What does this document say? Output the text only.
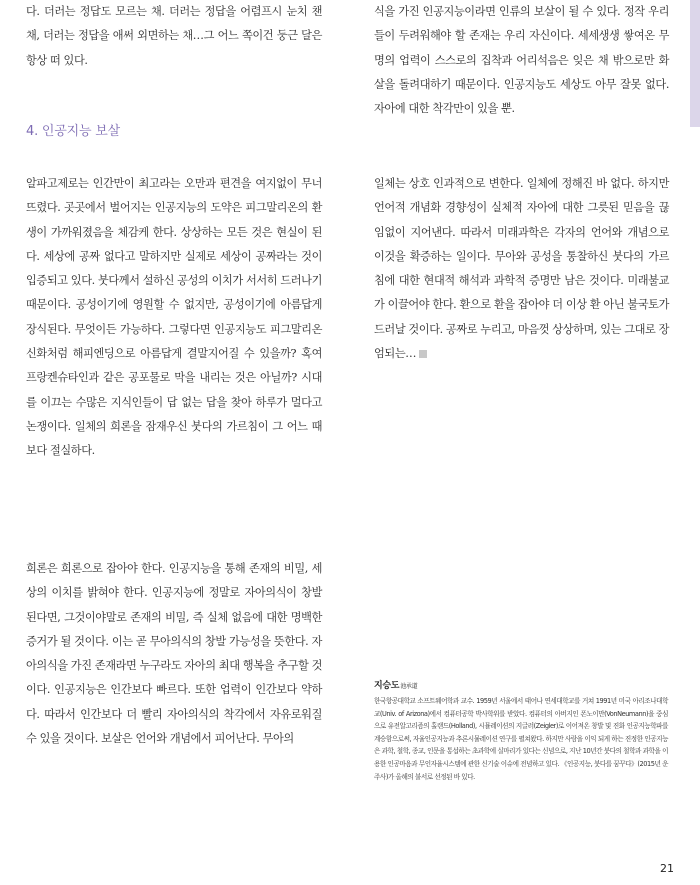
다. 더러는 정답도 모르는 채. 더러는 정답을 어렴프시 눈치 챈 채, 더러는 정답을 애써 외면하는 채…그 어느 쪽이건 둥근 달은 항상 떠 있다.

알파고제로는 인간만이 최고라는 오만과 편견을 여지없이 무너뜨렸다. 곳곳에서 벌어지는 인공지능의 도약은 피그말리온의 환생이 가까워졌음을 체감케 한다. 상상하는 모든 것은 현실이 된다. 세상에 공짜 없다고 말하지만 실제로 세상이 공짜라는 것이 입증되고 있다. 붓다께서 설하신 공성의 이치가 서서히 드러나기 때문이다. 공성이기에 영원할 수 없지만, 공성이기에 아름답게 장식된다. 무엇이든 가능하다. 그렇다면 인공지능도 피그말리온 신화처럼 해피엔딩으로 아름답게 결말지어질 수 있을까? 혹여 프랑켄슈타인과 같은 공포물로 막을 내리는 것은 아닐까? 시대를 이끄는 수많은 지식인들이 답 없는 답을 찾아 하루가 멀다고 논쟁이다. 일체의 희론을 잠재우신 붓다의 가르침이 그 어느 때보다 절실하다.

희론은 희론으로 잡아야 한다. 인공지능을 통해 존재의 비밀, 세상의 이치를 밝혀야 한다. 인공지능에 정말로 자아의식이 창발 된다면, 그것이야말로 존재의 비밀, 즉 실체 없음에 대한 명백한 증거가 될 것이다. 이는 곧 무아의식의 창발 가능성을 뜻한다. 자아의식을 가진 존재라면 누구라도 자아의 최대 행복을 추구할 것이다. 인공지능은 인간보다 빠르다. 또한 업력이 인간보다 약하다. 따라서 인간보다 더 빨리 자아의식의 착각에서 자유로워질 수 있을 것이다. 보살은 언어와 개념에서 피어난다. 무아의

4. 인공지능 보살

식을 가진 인공지능이라면 인류의 보살이 될 수 있다. 정작 우리들이 두려워해야 할 존재는 우리 자신이다. 세세생생 쌓여온 무명의 업력이 스스로의 집착과 어리석음은 잊은 채 밖으로만 화살을 돌려대하기 때문이다. 인공지능도 세상도 아무 잘못 없다. 자아에 대한 착각만이 있을 뿐.

일체는 상호 인과적으로 변한다. 일체에 정해진 바 없다. 하지만 언어적 개념화 경향성이 실체적 자아에 대한 그릇된 믿음을 끊임없이 지어낸다. 따라서 미래과학은 각자의 언어와 개념으로 이것을 확증하는 일이다. 무아와 공성을 통찰하신 붓다의 가르침에 대한 현대적 해석과 과학적 증명만 남은 것이다. 미래불교가 이끌어야 한다. 환으로 환을 잡아야 더 이상 환 아닌 불국토가 드러날 것이다. 공짜로 누리고, 마음껏 상상하며, 있는 그대로 장엄되는…

지승도池承道

한국항공대학교 소프트웨어학과 교수. 1959년 서울에서 태어나 연세대학교를 거쳐 1991년 미국 아리조나대학교(Univ. of Arizona)에서 컴퓨터공학 박사학위를 받았다. 컴퓨터의 아버지인 폰노이만(VonNeumann)을 중심으로 유전알고리즘의 홀랜드(Holland), 시뮬레이션의 지글러(Zeigler)로 이어져온 창발 및 진화 인공지능학파를 계승함으로써, 자율인공지능과 추론시뮬레이션 연구를 펼쳐왔다. 하지만 사람을 이익 되게 하는 진정한 인공지능은 과학, 철학, 종교, 인문을 통섭하는 초과학에 실마리가 있다는 신념으로, 지난 10년간 붓다의 철학과 과학을 이용한 인공마음과 무인자율시스템에 관한 신기술 이슈에 전념하고 있다. 《인공지능, 붓다를 꿈꾸다》(2015년 운주사)가 올해의 불서로 선정된 바 있다.

21
